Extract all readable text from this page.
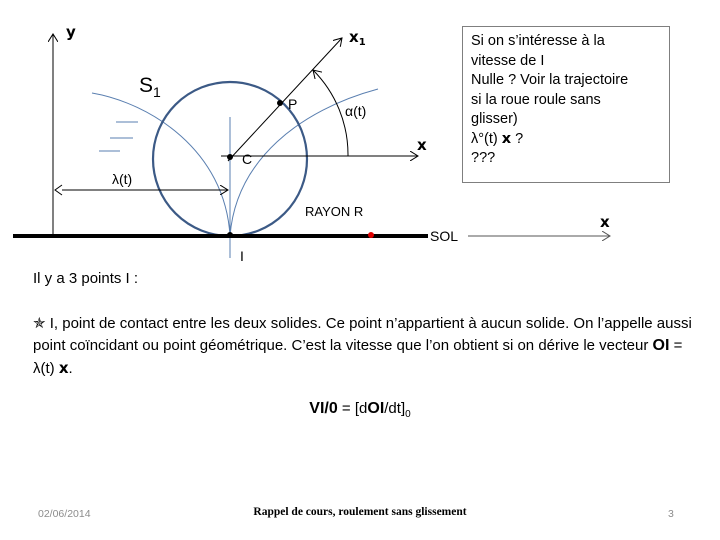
y	$x_1$
x
$S_1$
P
C
I
α(t)
λ(t)
RAYON R
SOL
x
Si on s’intéresse à la
vitesse de I
Nulle ? Voir la trajectoire
si la roue roule sans
glisser)
λ°(t) x ?
???
Il y a 3 points I :
✯ I, point de contact entre les deux solides. Ce point n’appartient à aucun solide. On l’appelle aussi point coïncidant ou point géométrique. C’est la vitesse que l’on obtient si on dérive le vecteur OI = λ(t) x.
$VI/0 = [dOI/dt]_0$
02/06/2014	Rappel de cours, roulement sans glissement	3
